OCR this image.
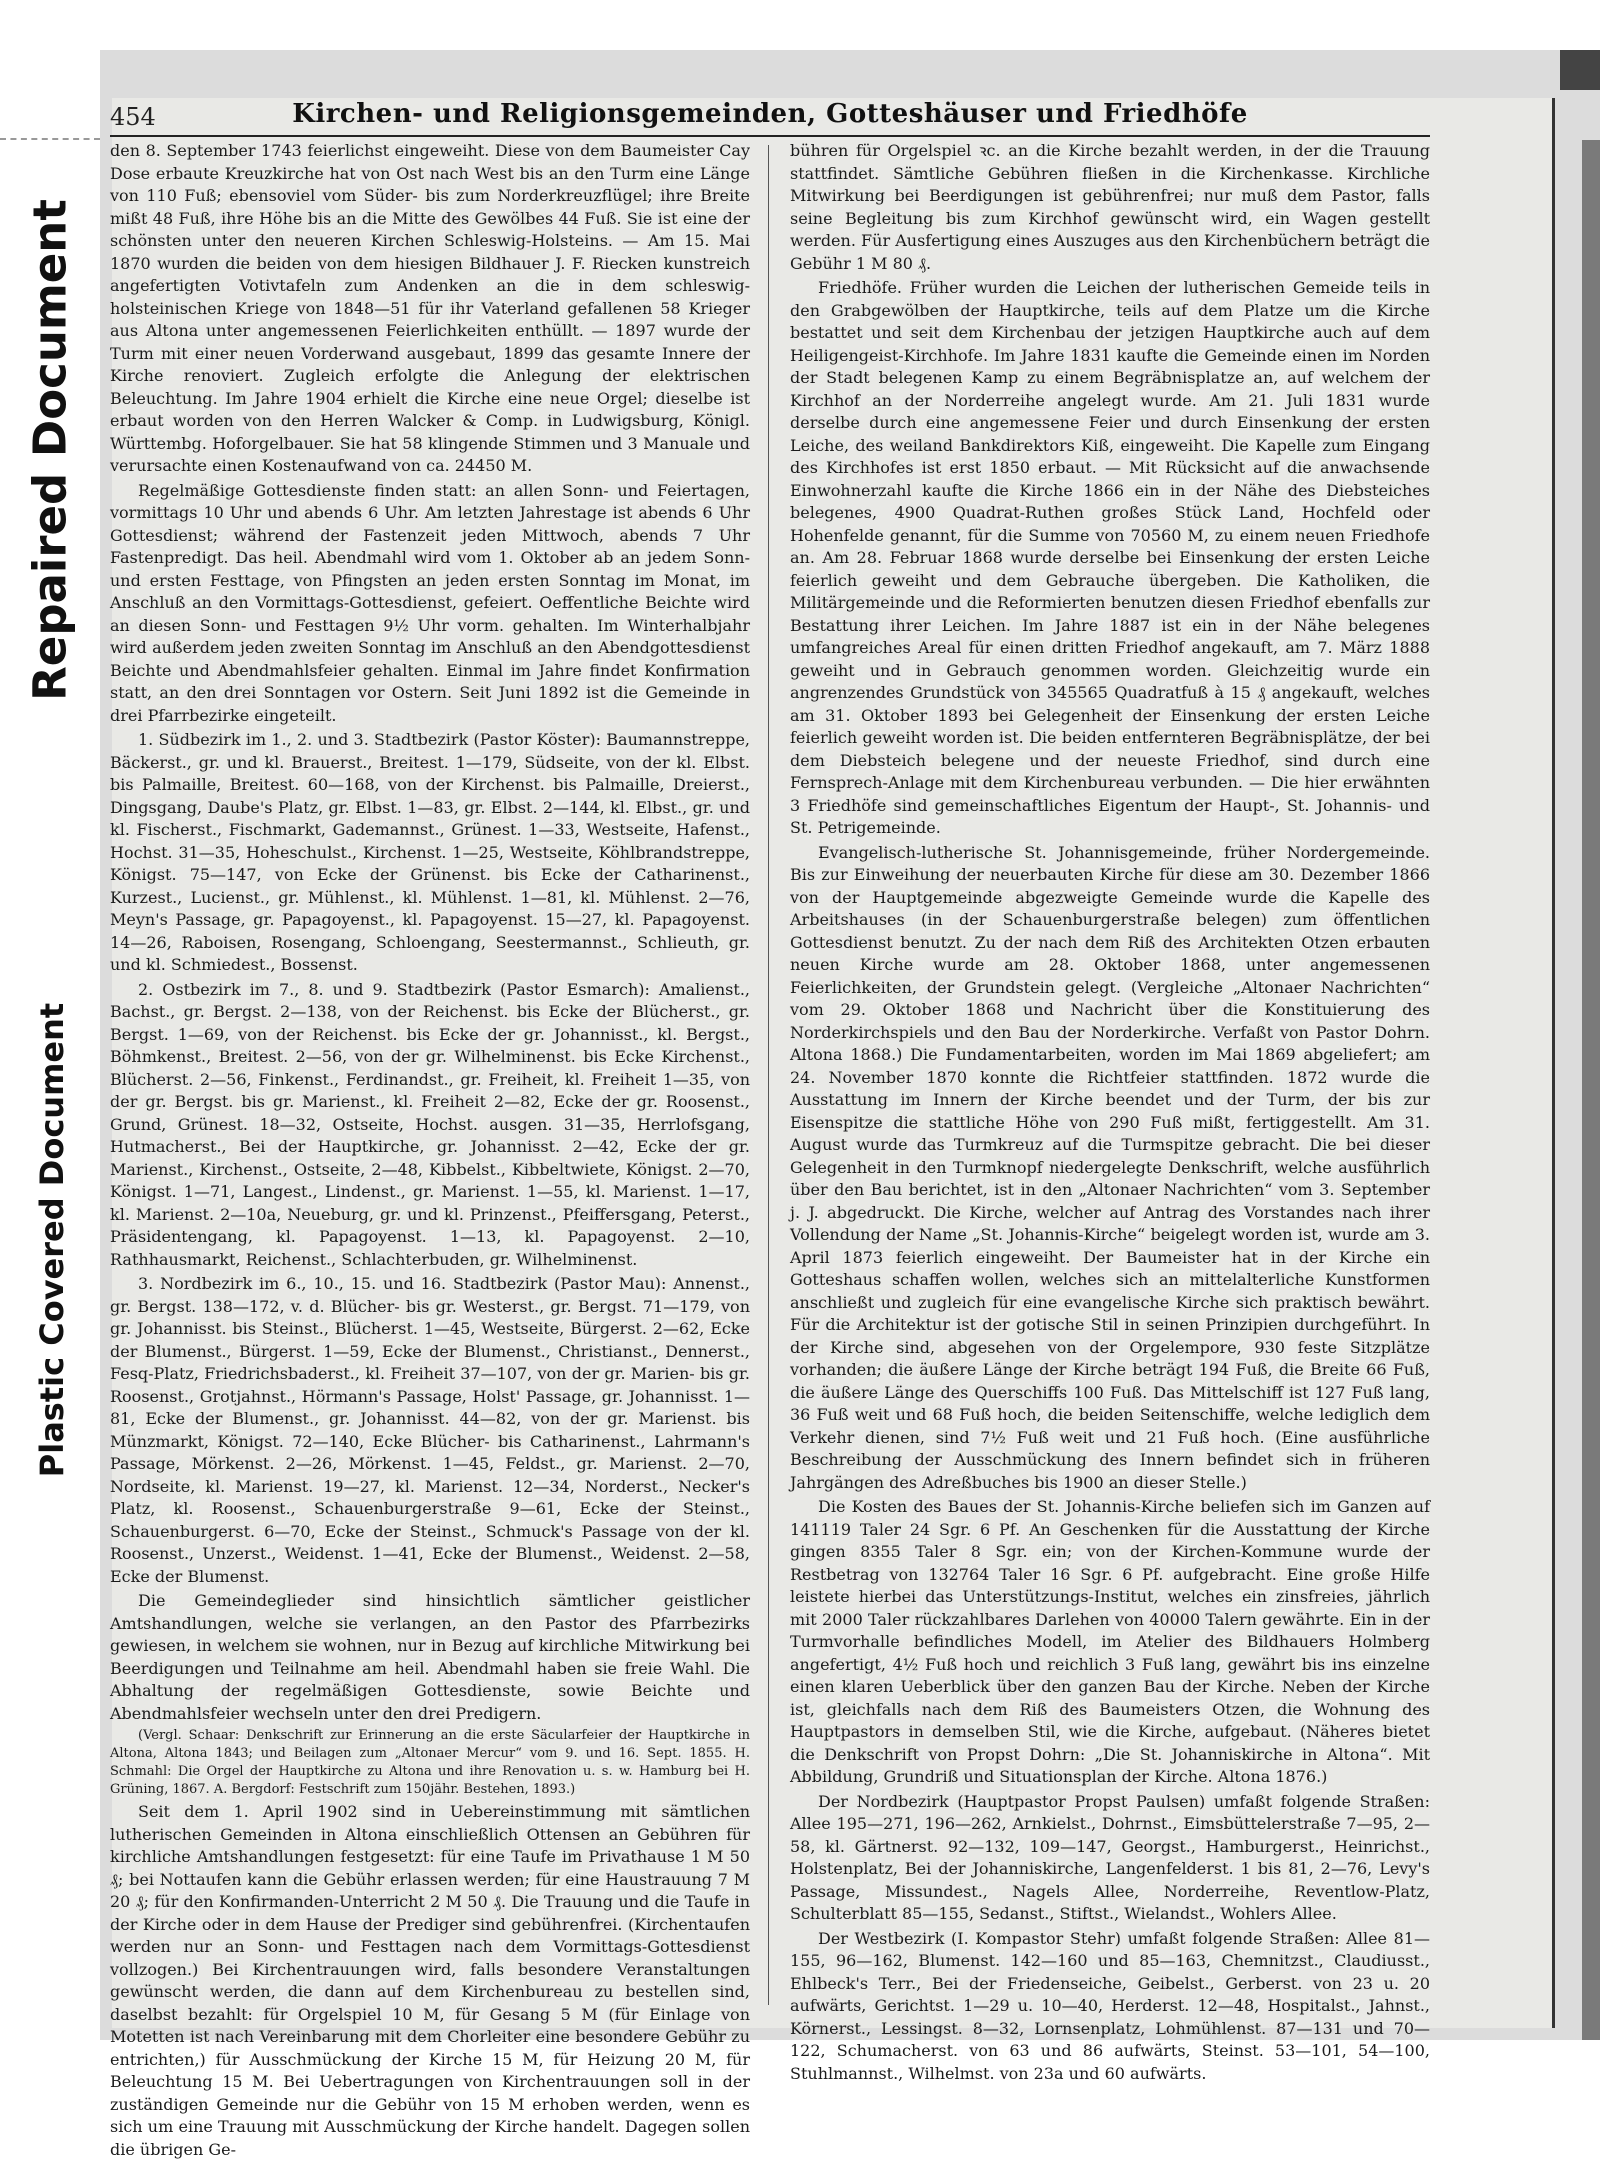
Repaired Document
Plastic Covered Document
454	Kirchen- und Religionsgemeinden, Gotteshäuser und Friedhöfe

den 8. September 1743 feierlichst eingeweiht. Diese von dem Baumeister Cay Dose erbaute Kreuzkirche hat von Ost nach West bis an den Turm eine Länge von 110 Fuß; ebensoviel vom Süder- bis zum Norderkreuzflügel; ihre Breite mißt 48 Fuß, ihre Höhe bis an die Mitte des Gewölbes 44 Fuß. Sie ist eine der schönsten unter den neueren Kirchen Schleswig-Holsteins. — Am 15. Mai 1870 wurden die beiden von dem hiesigen Bildhauer J. F. Riecken kunstreich angefertigten Votivtafeln zum Andenken an die in dem schleswig-holsteinischen Kriege von 1848—51 für ihr Vaterland gefallenen 58 Krieger aus Altona unter angemessenen Feierlichkeiten enthüllt. — 1897 wurde der Turm mit einer neuen Vorderwand ausgebaut, 1899 das gesamte Innere der Kirche renoviert. Zugleich erfolgte die Anlegung der elektrischen Beleuchtung. Im Jahre 1904 erhielt die Kirche eine neue Orgel; dieselbe ist erbaut worden von den Herren Walcker & Comp. in Ludwigsburg, Königl. Württembg. Hoforgelbauer. Sie hat 58 klingende Stimmen und 3 Manuale und verursachte einen Kostenaufwand von ca. 24450 M.

Regelmäßige Gottesdienste finden statt: an allen Sonn- und Feiertagen, vormittags 10 Uhr und abends 6 Uhr. Am letzten Jahrestage ist abends 6 Uhr Gottesdienst; während der Fastenzeit jeden Mittwoch, abends 7 Uhr Fastenpredigt. Das heil. Abendmahl wird vom 1. Oktober ab an jedem Sonn- und ersten Festtage, von Pfingsten an jeden ersten Sonntag im Monat, im Anschluß an den Vormittags-Gottesdienst, gefeiert. Oeffentliche Beichte wird an diesen Sonn- und Festtagen 9½ Uhr vorm. gehalten. Im Winterhalbjahr wird außerdem jeden zweiten Sonntag im Anschluß an den Abendgottesdienst Beichte und Abendmahlsfeier gehalten. Einmal im Jahre findet Konfirmation statt, an den drei Sonntagen vor Ostern. Seit Juni 1892 ist die Gemeinde in drei Pfarrbezirke eingeteilt.

1. Südbezirk im 1., 2. und 3. Stadtbezirk (Pastor Köster): Baumannstreppe, Bäckerst., gr. und kl. Brauerst., Breitest. 1—179, Südseite, von der kl. Elbst. bis Palmaille, Breitest. 60—168, von der Kirchenst. bis Palmaille, Dreierst., Dingsgang, Daube's Platz, gr. Elbst. 1—83, gr. Elbst. 2—144, kl. Elbst., gr. und kl. Fischerst., Fischmarkt, Gademannst., Grünest. 1—33, Westseite, Hafenst., Hochst. 31—35, Hoheschulst., Kirchenst. 1—25, Westseite, Köhlbrandstreppe, Königst. 75—147, von Ecke der Grünenst. bis Ecke der Catharinenst., Kurzest., Lucienst., gr. Mühlenst., kl. Mühlenst. 1—81, kl. Mühlenst. 2—76, Meyn's Passage, gr. Papagoyenst., kl. Papagoyenst. 15—27, kl. Papagoyenst. 14—26, Raboisen, Rosengang, Schloengang, Seestermannst., Schlieuth, gr. und kl. Schmiedest., Bossenst.

2. Ostbezirk im 7., 8. und 9. Stadtbezirk (Pastor Esmarch): Amalienst., Bachst., gr. Bergst. 2—138, von der Reichenst. bis Ecke der Blücherst., gr. Bergst. 1—69, von der Reichenst. bis Ecke der gr. Johannisst., kl. Bergst., Böhmkenst., Breitest. 2—56, von der gr. Wilhelminenst. bis Ecke Kirchenst., Blücherst. 2—56, Finkenst., Ferdinandst., gr. Freiheit, kl. Freiheit 1—35, von der gr. Bergst. bis gr. Marienst., kl. Freiheit 2—82, Ecke der gr. Roosenst., Grund, Grünest. 18—32, Ostseite, Hochst. ausgen. 31—35, Herrlofsgang, Hutmacherst., Bei der Hauptkirche, gr. Johannisst. 2—42, Ecke der gr. Marienst., Kirchenst., Ostseite, 2—48, Kibbelst., Kibbeltwiete, Königst. 2—70, Königst. 1—71, Langest., Lindenst., gr. Marienst. 1—55, kl. Marienst. 1—17, kl. Marienst. 2—10a, Neueburg, gr. und kl. Prinzenst., Pfeiffersgang, Peterst., Präsidentengang, kl. Papagoyenst. 1—13, kl. Papagoyenst. 2—10, Rathhausmarkt, Reichenst., Schlachterbuden, gr. Wilhelminenst.

3. Nordbezirk im 6., 10., 15. und 16. Stadtbezirk (Pastor Mau): Annenst., gr. Bergst. 138—172, v. d. Blücher- bis gr. Westerst., gr. Bergst. 71—179, von gr. Johannisst. bis Steinst., Blücherst. 1—45, Westseite, Bürgerst. 2—62, Ecke der Blumenst., Bürgerst. 1—59, Ecke der Blumenst., Christianst., Dennerst., Fesq-Platz, Friedrichsbaderst., kl. Freiheit 37—107, von der gr. Marien- bis gr. Roosenst., Grotjahnst., Hörmann's Passage, Holst' Passage, gr. Johannisst. 1—81, Ecke der Blumenst., gr. Johannisst. 44—82, von der gr. Marienst. bis Münzmarkt, Königst. 72—140, Ecke Blücher- bis Catharinenst., Lahrmann's Passage, Mörkenst. 2—26, Mörkenst. 1—45, Feldst., gr. Marienst. 2—70, Nordseite, kl. Marienst. 19—27, kl. Marienst. 12—34, Norderst., Necker's Platz, kl. Roosenst., Schauenburgerstraße 9—61, Ecke der Steinst., Schauenburgerst. 6—70, Ecke der Steinst., Schmuck's Passage von der kl. Roosenst., Unzerst., Weidenst. 1—41, Ecke der Blumenst., Weidenst. 2—58, Ecke der Blumenst.

Die Gemeindeglieder sind hinsichtlich sämtlicher geistlicher Amtshandlungen, welche sie verlangen, an den Pastor des Pfarrbezirks gewiesen, in welchem sie wohnen, nur in Bezug auf kirchliche Mitwirkung bei Beerdigungen und Teilnahme am heil. Abendmahl haben sie freie Wahl. Die Abhaltung der regelmäßigen Gottesdienste, sowie Beichte und Abendmahlsfeier wechseln unter den drei Predigern.

(Vergl. Schaar: Denkschrift zur Erinnerung an die erste Säcularfeier der Hauptkirche in Altona, Altona 1843; und Beilagen zum „Altonaer Mercur“ vom 9. und 16. Sept. 1855. H. Schmahl: Die Orgel der Hauptkirche zu Altona und ihre Renovation u. s. w. Hamburg bei H. Grüning, 1867. A. Bergdorf: Festschrift zum 150jähr. Bestehen, 1893.)

Seit dem 1. April 1902 sind in Uebereinstimmung mit sämtlichen lutherischen Gemeinden in Altona einschließlich Ottensen an Gebühren für kirchliche Amtshandlungen festgesetzt: für eine Taufe im Privathause 1 M 50 ₰; bei Nottaufen kann die Gebühr erlassen werden; für eine Haustrauung 7 M 20 ₰; für den Konfirmanden-Unterricht 2 M 50 ₰. Die Trauung und die Taufe in der Kirche oder in dem Hause der Prediger sind gebührenfrei. (Kirchentaufen werden nur an Sonn- und Festtagen nach dem Vormittags-Gottesdienst vollzogen.) Bei Kirchentrauungen wird, falls besondere Veranstaltungen gewünscht werden, die dann auf dem Kirchenbureau zu bestellen sind, daselbst bezahlt: für Orgelspiel 10 M, für Gesang 5 M (für Einlage von Motetten ist nach Vereinbarung mit dem Chorleiter eine besondere Gebühr zu entrichten,) für Ausschmückung der Kirche 15 M, für Heizung 20 M, für Beleuchtung 15 M. Bei Uebertragungen von Kirchentrauungen soll in der zuständigen Gemeinde nur die Gebühr von 15 M erhoben werden, wenn es sich um eine Trauung mit Ausschmückung der Kirche handelt. Dagegen sollen die übrigen Ge-

bühren für Orgelspiel ꝛc. an die Kirche bezahlt werden, in der die Trauung stattfindet. Sämtliche Gebühren fließen in die Kirchenkasse. Kirchliche Mitwirkung bei Beerdigungen ist gebührenfrei; nur muß dem Pastor, falls seine Begleitung bis zum Kirchhof gewünscht wird, ein Wagen gestellt werden. Für Ausfertigung eines Auszuges aus den Kirchenbüchern beträgt die Gebühr 1 M 80 ₰.

Friedhöfe. Früher wurden die Leichen der lutherischen Gemeide teils in den Grabgewölben der Hauptkirche, teils auf dem Platze um die Kirche bestattet und seit dem Kirchenbau der jetzigen Hauptkirche auch auf dem Heiligengeist-Kirchhofe. Im Jahre 1831 kaufte die Gemeinde einen im Norden der Stadt belegenen Kamp zu einem Begräbnisplatze an, auf welchem der Kirchhof an der Norderreihe angelegt wurde. Am 21. Juli 1831 wurde derselbe durch eine angemessene Feier und durch Einsenkung der ersten Leiche, des weiland Bankdirektors Kiß, eingeweiht. Die Kapelle zum Eingang des Kirchhofes ist erst 1850 erbaut. — Mit Rücksicht auf die anwachsende Einwohnerzahl kaufte die Kirche 1866 ein in der Nähe des Diebsteiches belegenes, 4900 Quadrat-Ruthen großes Stück Land, Hochfeld oder Hohenfelde genannt, für die Summe von 70560 M, zu einem neuen Friedhofe an. Am 28. Februar 1868 wurde derselbe bei Einsenkung der ersten Leiche feierlich geweiht und dem Gebrauche übergeben. Die Katholiken, die Militärgemeinde und die Reformierten benutzen diesen Friedhof ebenfalls zur Bestattung ihrer Leichen. Im Jahre 1887 ist ein in der Nähe belegenes umfangreiches Areal für einen dritten Friedhof angekauft, am 7. März 1888 geweiht und in Gebrauch genommen worden. Gleichzeitig wurde ein angrenzendes Grundstück von 345565 Quadratfuß à 15 ₰ angekauft, welches am 31. Oktober 1893 bei Gelegenheit der Einsenkung der ersten Leiche feierlich geweiht worden ist. Die beiden entfernteren Begräbnisplätze, der bei dem Diebsteich belegene und der neueste Friedhof, sind durch eine Fernsprech-Anlage mit dem Kirchenbureau verbunden. — Die hier erwähnten 3 Friedhöfe sind gemeinschaftliches Eigentum der Haupt-, St. Johannis- und St. Petrigemeinde.

Evangelisch-lutherische St. Johannisgemeinde, früher Nordergemeinde. Bis zur Einweihung der neuerbauten Kirche für diese am 30. Dezember 1866 von der Hauptgemeinde abgezweigte Gemeinde wurde die Kapelle des Arbeitshauses (in der Schauenburgerstraße belegen) zum öffentlichen Gottesdienst benutzt. Zu der nach dem Riß des Architekten Otzen erbauten neuen Kirche wurde am 28. Oktober 1868, unter angemessenen Feierlichkeiten, der Grundstein gelegt. (Vergleiche „Altonaer Nachrichten“ vom 29. Oktober 1868 und Nachricht über die Konstituierung des Norderkirchspiels und den Bau der Norderkirche. Verfaßt von Pastor Dohrn. Altona 1868.) Die Fundamentarbeiten, worden im Mai 1869 abgeliefert; am 24. November 1870 konnte die Richtfeier stattfinden. 1872 wurde die Ausstattung im Innern der Kirche beendet und der Turm, der bis zur Eisenspitze die stattliche Höhe von 290 Fuß mißt, fertiggestellt. Am 31. August wurde das Turmkreuz auf die Turmspitze gebracht. Die bei dieser Gelegenheit in den Turmknopf niedergelegte Denkschrift, welche ausführlich über den Bau berichtet, ist in den „Altonaer Nachrichten“ vom 3. September j. J. abgedruckt. Die Kirche, welcher auf Antrag des Vorstandes nach ihrer Vollendung der Name „St. Johannis-Kirche“ beigelegt worden ist, wurde am 3. April 1873 feierlich eingeweiht. Der Baumeister hat in der Kirche ein Gotteshaus schaffen wollen, welches sich an mittelalterliche Kunstformen anschließt und zugleich für eine evangelische Kirche sich praktisch bewährt. Für die Architektur ist der gotische Stil in seinen Prinzipien durchgeführt. In der Kirche sind, abgesehen von der Orgelempore, 930 feste Sitzplätze vorhanden; die äußere Länge der Kirche beträgt 194 Fuß, die Breite 66 Fuß, die äußere Länge des Querschiffs 100 Fuß. Das Mittelschiff ist 127 Fuß lang, 36 Fuß weit und 68 Fuß hoch, die beiden Seitenschiffe, welche lediglich dem Verkehr dienen, sind 7½ Fuß weit und 21 Fuß hoch. (Eine ausführliche Beschreibung der Ausschmückung des Innern befindet sich in früheren Jahrgängen des Adreßbuches bis 1900 an dieser Stelle.)

Die Kosten des Baues der St. Johannis-Kirche beliefen sich im Ganzen auf 141119 Taler 24 Sgr. 6 Pf. An Geschenken für die Ausstattung der Kirche gingen 8355 Taler 8 Sgr. ein; von der Kirchen-Kommune wurde der Restbetrag von 132764 Taler 16 Sgr. 6 Pf. aufgebracht. Eine große Hilfe leistete hierbei das Unterstützungs-Institut, welches ein zinsfreies, jährlich mit 2000 Taler rückzahlbares Darlehen von 40000 Talern gewährte. Ein in der Turmvorhalle befindliches Modell, im Atelier des Bildhauers Holmberg angefertigt, 4½ Fuß hoch und reichlich 3 Fuß lang, gewährt bis ins einzelne einen klaren Ueberblick über den ganzen Bau der Kirche. Neben der Kirche ist, gleichfalls nach dem Riß des Baumeisters Otzen, die Wohnung des Hauptpastors in demselben Stil, wie die Kirche, aufgebaut. (Näheres bietet die Denkschrift von Propst Dohrn: „Die St. Johanniskirche in Altona“. Mit Abbildung, Grundriß und Situationsplan der Kirche. Altona 1876.)

Der Nordbezirk (Hauptpastor Propst Paulsen) umfaßt folgende Straßen: Allee 195—271, 196—262, Arnkielst., Dohrnst., Eimsbüttelerstraße 7—95, 2—58, kl. Gärtnerst. 92—132, 109—147, Georgst., Hamburgerst., Heinrichst., Holstenplatz, Bei der Johanniskirche, Langenfelderst. 1 bis 81, 2—76, Levy's Passage, Missundest., Nagels Allee, Norderreihe, Reventlow-Platz, Schulterblatt 85—155, Sedanst., Stiftst., Wielandst., Wohlers Allee.

Der Westbezirk (I. Kompastor Stehr) umfaßt folgende Straßen: Allee 81—155, 96—162, Blumenst. 142—160 und 85—163, Chemnitzst., Claudiusst., Ehlbeck's Terr., Bei der Friedenseiche, Geibelst., Gerberst. von 23 u. 20 aufwärts, Gerichtst. 1—29 u. 10—40, Herderst. 12—48, Hospitalst., Jahnst., Körnerst., Lessingst. 8—32, Lornsenplatz, Lohmühlenst. 87—131 und 70—122, Schumacherst. von 63 und 86 aufwärts, Steinst. 53—101, 54—100, Stuhlmannst., Wilhelmst. von 23a und 60 aufwärts.
